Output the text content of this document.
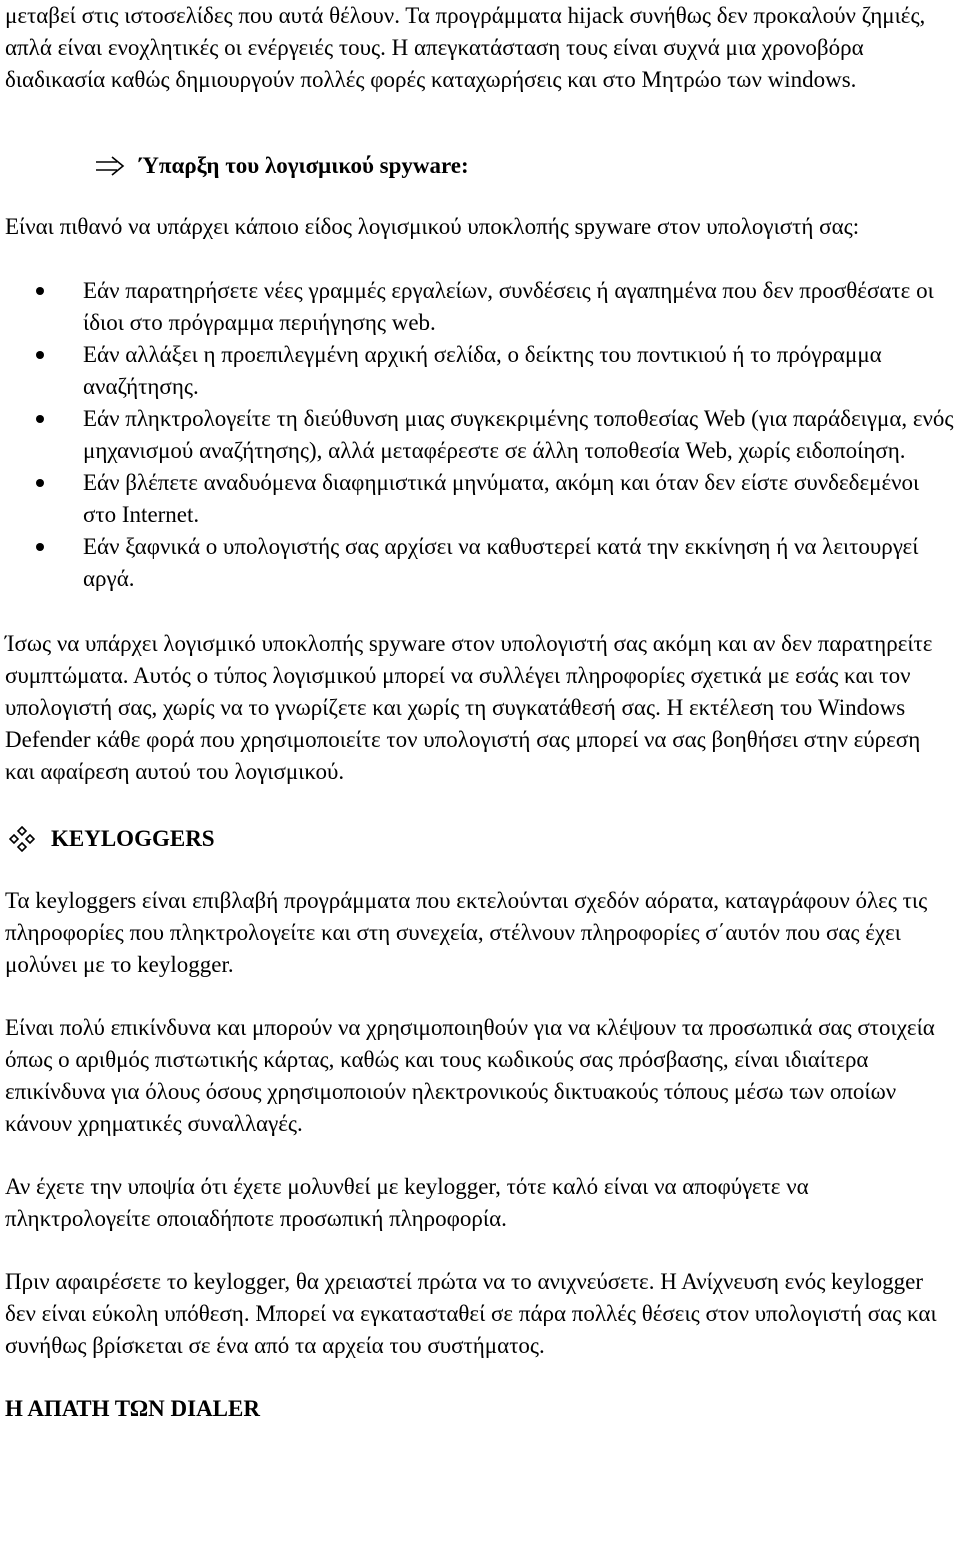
μεταβεί στις ιστοσελίδες που αυτά θέλουν. Τα προγράμματα hijack συνήθως δεν προκαλούν ζημιές, απλά είναι ενοχλητικές οι ενέργειές τους. Η απεγκατάσταση τους είναι συχνά μια χρονοβόρα διαδικασία καθώς δημιουργούν πολλές φορές καταχωρήσεις και στο Μητρώο των windows.

Ύπαρξη του λογισμικού spyware:

Είναι πιθανό να υπάρχει κάποιο είδος λογισμικού υποκλοπής spyware στον υπολογιστή σας:

Εάν παρατηρήσετε νέες γραμμές εργαλείων, συνδέσεις ή αγαπημένα που δεν προσθέσατε οι ίδιοι στο πρόγραμμα περιήγησης web.
Εάν αλλάξει η προεπιλεγμένη αρχική σελίδα, ο δείκτης του ποντικιού ή το πρόγραμμα αναζήτησης.
Εάν πληκτρολογείτε τη διεύθυνση μιας συγκεκριμένης τοποθεσίας Web (για παράδειγμα, ενός μηχανισμού αναζήτησης), αλλά μεταφέρεστε σε άλλη τοποθεσία Web, χωρίς ειδοποίηση.
Εάν βλέπετε αναδυόμενα διαφημιστικά μηνύματα, ακόμη και όταν δεν είστε συνδεδεμένοι στο Internet.
Εάν ξαφνικά ο υπολογιστής σας αρχίσει να καθυστερεί κατά την εκκίνηση ή να λειτουργεί αργά.

Ίσως να υπάρχει λογισμικό υποκλοπής spyware στον υπολογιστή σας ακόμη και αν δεν παρατηρείτε συμπτώματα. Αυτός ο τύπος λογισμικού μπορεί να συλλέγει πληροφορίες σχετικά με εσάς και τον υπολογιστή σας, χωρίς να το γνωρίζετε και χωρίς τη συγκατάθεσή σας. Η εκτέλεση του Windows Defender κάθε φορά που χρησιμοποιείτε τον υπολογιστή σας μπορεί να σας βοηθήσει στην εύρεση και αφαίρεση αυτού του λογισμικού.

KEYLOGGERS

Τα keyloggers είναι επιβλαβή προγράμματα που εκτελούνται σχεδόν αόρατα, καταγράφουν όλες τις πληροφορίες που πληκτρολογείτε και στη συνεχεία, στέλνουν πληροφορίες σ΄αυτόν που σας έχει μολύνει με το keylogger.

Είναι πολύ επικίνδυνα και μπορούν να χρησιμοποιηθούν για να κλέψουν τα προσωπικά σας στοιχεία όπως ο αριθμός πιστωτικής κάρτας, καθώς και τους κωδικούς σας πρόσβασης, είναι ιδιαίτερα επικίνδυνα για όλους όσους χρησιμοποιούν ηλεκτρονικούς δικτυακούς τόπους μέσω των οποίων κάνουν χρηματικές συναλλαγές.

Αν έχετε την υποψία ότι έχετε μολυνθεί με keylogger, τότε καλό είναι να αποφύγετε να πληκτρολογείτε οποιαδήποτε προσωπική πληροφορία.

Πριν αφαιρέσετε το keylogger, θα χρειαστεί πρώτα να το ανιχνεύσετε. Η Ανίχνευση ενός keylogger δεν είναι εύκολη υπόθεση. Μπορεί να εγκατασταθεί σε πάρα πολλές θέσεις στον υπολογιστή σας και συνήθως βρίσκεται σε ένα από τα αρχεία του συστήματος.

Η ΑΠΑΤΗ ΤΩΝ DIALER
